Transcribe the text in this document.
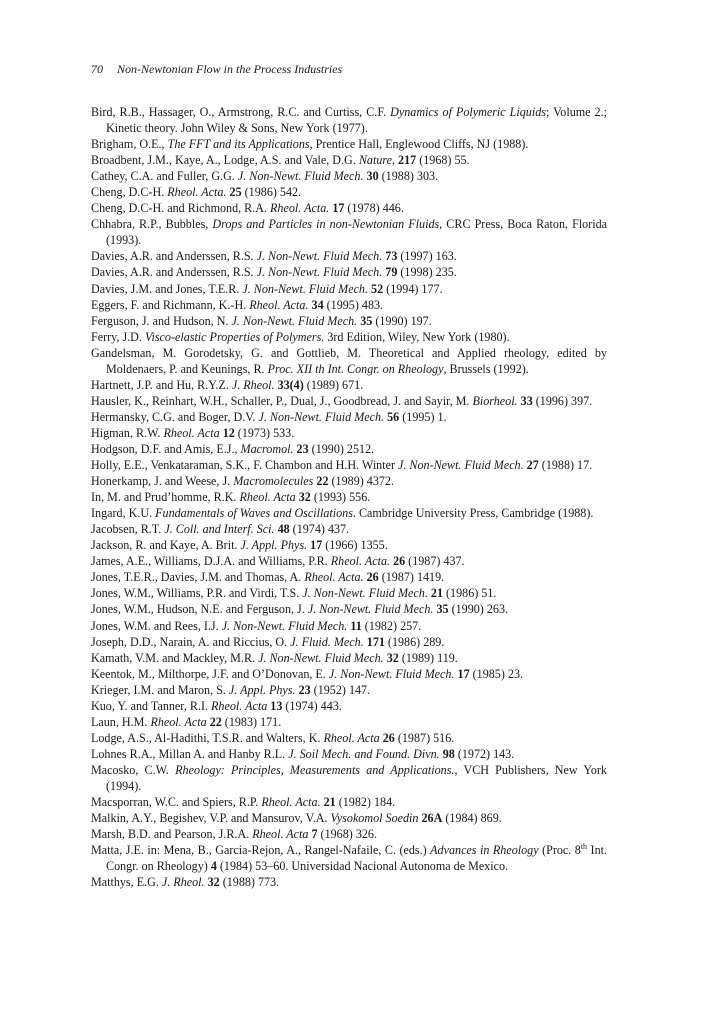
70 Non-Newtonian Flow in the Process Industries
Bird, R.B., Hassager, O., Armstrong, R.C. and Curtiss, C.F. Dynamics of Polymeric Liquids; Volume 2.; Kinetic theory. John Wiley & Sons, New York (1977).
Brigham, O.E., The FFT and its Applications, Prentice Hall, Englewood Cliffs, NJ (1988).
Broadbent, J.M., Kaye, A., Lodge, A.S. and Vale, D.G. Nature, 217 (1968) 55.
Cathey, C.A. and Fuller, G.G. J. Non-Newt. Fluid Mech. 30 (1988) 303.
Cheng, D.C-H. Rheol. Acta. 25 (1986) 542.
Cheng, D.C-H. and Richmond, R.A. Rheol. Acta. 17 (1978) 446.
Chhabra, R.P., Bubbles, Drops and Particles in non-Newtonian Fluids, CRC Press, Boca Raton, Florida (1993).
Davies, A.R. and Anderssen, R.S. J. Non-Newt. Fluid Mech. 73 (1997) 163.
Davies, A.R. and Anderssen, R.S. J. Non-Newt. Fluid Mech. 79 (1998) 235.
Davies, J.M. and Jones, T.E.R. J. Non-Newt. Fluid Mech. 52 (1994) 177.
Eggers, F. and Richmann, K.-H. Rheol. Acta. 34 (1995) 483.
Ferguson, J. and Hudson, N. J. Non-Newt. Fluid Mech. 35 (1990) 197.
Ferry, J.D. Visco-elastic Properties of Polymers. 3rd Edition, Wiley, New York (1980).
Gandelsman, M. Gorodetsky, G. and Gottlieb, M. Theoretical and Applied rheology, edited by Moldenaers, P. and Keunings, R. Proc. XII th Int. Congr. on Rheology, Brussels (1992).
Hartnett, J.P. and Hu, R.Y.Z. J. Rheol. 33(4) (1989) 671.
Hausler, K., Reinhart, W.H., Schaller, P., Dual, J., Goodbread, J. and Sayir, M. Biorheol. 33 (1996) 397.
Hermansky, C.G. and Boger, D.V. J. Non-Newt. Fluid Mech. 56 (1995) 1.
Higman, R.W. Rheol. Acta 12 (1973) 533.
Hodgson, D.F. and Amis, E.J., Macromol. 23 (1990) 2512.
Holly, E.E., Venkataraman, S.K., F. Chambon and H.H. Winter J. Non-Newt. Fluid Mech. 27 (1988) 17.
Honerkamp, J. and Weese, J. Macromolecules 22 (1989) 4372.
In, M. and Prud’homme, R.K. Rheol. Acta 32 (1993) 556.
Ingard, K.U. Fundamentals of Waves and Oscillations. Cambridge University Press, Cambridge (1988).
Jacobsen, R.T. J. Coll. and Interf. Sci. 48 (1974) 437.
Jackson, R. and Kaye, A. Brit. J. Appl. Phys. 17 (1966) 1355.
James, A.E., Williams, D.J.A. and Williams, P.R. Rheol. Acta. 26 (1987) 437.
Jones, T.E.R., Davies, J.M. and Thomas, A. Rheol. Acta. 26 (1987) 1419.
Jones, W.M., Williams, P.R. and Virdi, T.S. J. Non-Newt. Fluid Mech. 21 (1986) 51.
Jones, W.M., Hudson, N.E. and Ferguson, J. J. Non-Newt. Fluid Mech. 35 (1990) 263.
Jones, W.M. and Rees, I.J. J. Non-Newt. Fluid Mech. 11 (1982) 257.
Joseph, D.D., Narain, A. and Riccius, O. J. Fluid. Mech. 171 (1986) 289.
Kamath, V.M. and Mackley, M.R. J. Non-Newt. Fluid Mech. 32 (1989) 119.
Keentok, M., Milthorpe, J.F. and O’Donovan, E. J. Non-Newt. Fluid Mech. 17 (1985) 23.
Krieger, I.M. and Maron, S. J. Appl. Phys. 23 (1952) 147.
Kuo, Y. and Tanner, R.I. Rheol. Acta 13 (1974) 443.
Laun, H.M. Rheol. Acta 22 (1983) 171.
Lodge, A.S., Al-Hadithi, T.S.R. and Walters, K. Rheol. Acta 26 (1987) 516.
Lohnes R.A., Millan A. and Hanby R.L. J. Soil Mech. and Found. Divn. 98 (1972) 143.
Macosko, C.W. Rheology: Principles, Measurements and Applications., VCH Publishers, New York (1994).
Macsporran, W.C. and Spiers, R.P. Rheol. Acta. 21 (1982) 184.
Malkin, A.Y., Begishev, V.P. and Mansurov, V.A. Vysokomol Soedin 26A (1984) 869.
Marsh, B.D. and Pearson, J.R.A. Rheol. Acta 7 (1968) 326.
Matta, J.E. in: Mena, B., Garcia-Rejon, A., Rangel-Nafaile, C. (eds.) Advances in Rheology (Proc. 8th Int. Congr. on Rheology) 4 (1984) 53–60. Universidad Nacional Autonoma de Mexico.
Matthys, E.G. J. Rheol. 32 (1988) 773.
